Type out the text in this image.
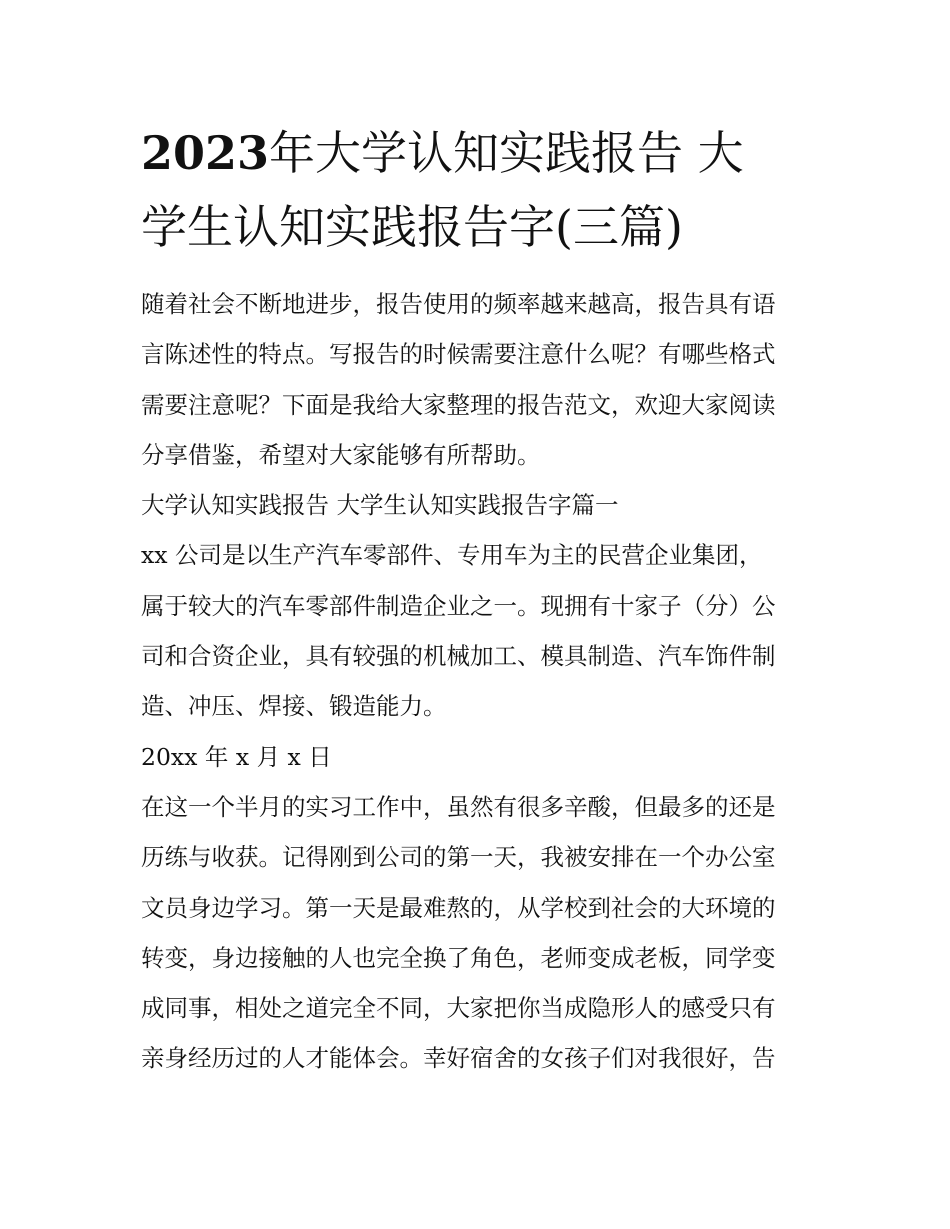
2023年大学认知实践报告 大
学生认知实践报告字(三篇)
随着社会不断地进步，报告使用的频率越来越高，报告具有语
言陈述性的特点。写报告的时候需要注意什么呢？有哪些格式
需要注意呢？下面是我给大家整理的报告范文，欢迎大家阅读
分享借鉴，希望对大家能够有所帮助。
大学认知实践报告 大学生认知实践报告字篇一
xx 公司是以生产汽车零部件、专用车为主的民营企业集团，
属于较大的汽车零部件制造企业之一。现拥有十家子（分）公
司和合资企业，具有较强的机械加工、模具制造、汽车饰件制
造、冲压、焊接、锻造能力。
20xx 年 x 月 x 日
在这一个半月的实习工作中，虽然有很多辛酸，但最多的还是
历练与收获。记得刚到公司的第一天，我被安排在一个办公室
文员身边学习。第一天是最难熬的，从学校到社会的大环境的
转变，身边接触的人也完全换了角色，老师变成老板，同学变
成同事，相处之道完全不同，大家把你当成隐形人的感受只有
亲身经历过的人才能体会。幸好宿舍的女孩子们对我很好，告
